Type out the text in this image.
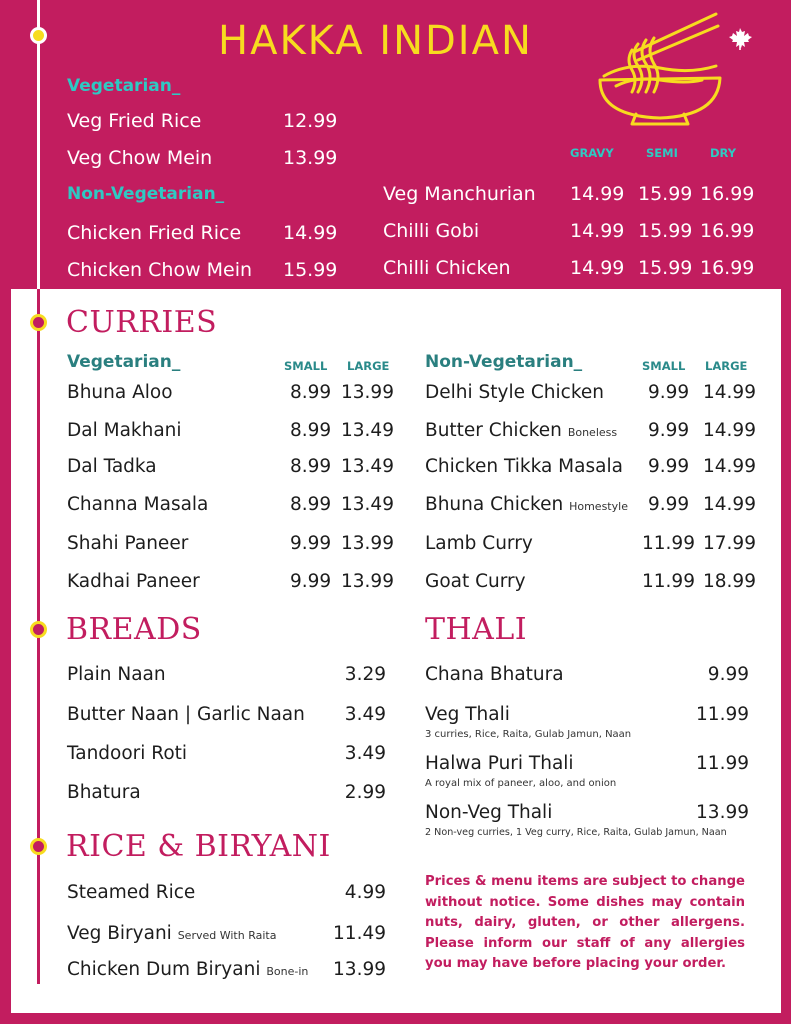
HAKKA INDIAN
Vegetarian_
Veg Fried Rice	12.99
Veg Chow Mein	13.99
Non-Vegetarian_
Chicken Fried Rice 14.99
Chicken Chow Mein 15.99
GRAVY	SEMI	DRY
Veg Manchurian 14.99 15.99 16.99
Chilli Gobi	14.99 15.99 16.99
Chilli Chicken	14.99 15.99 16.99
CURRIES
Vegetarian_	SMALL LARGE Non-Vegetarian_	SMALL LARGE
Bhuna Aloo	8.99 13.99
Dal Makhani	8.99 13.49
Dal Tadka	8.99 13.49
Channa Masala	8.99 13.49
Shahi Paneer	9.99 13.99
Kadhai Paneer	9.99 13.99
Delhi Style Chicken 9.99 14.99
Butter Chicken Boneless 9.99 14.99
Chicken Tikka Masala 9.99 14.99
Bhuna Chicken Homestyle 9.99 14.99
Lamb Curry	11.99 17.99
Goat Curry	11.99 18.99
BREADS
Plain Naan	3.29
Butter Naan | Garlic Naan	3.49
Tandoori Roti	3.49
Bhatura	2.99
THALI
Chana Bhatura	9.99
Veg Thali	11.99
3 curries, Rice, Raita, Gulab Jamun, Naan
Halwa Puri Thali	11.99
A royal mix of paneer, aloo, and onion
Non-Veg Thali	13.99
2 Non-veg curries, 1 Veg curry, Rice, Raita, Gulab Jamun, Naan
RICE & BIRYANI
Steamed Rice	4.99
Veg Biryani Served With Raita	11.49
Chicken Dum Biryani Bone-in	13.99
Prices & menu items are subject to change without notice. Some dishes may contain nuts, dairy, gluten, or other allergens. Please inform our staff of any allergies you may have before placing your order.
